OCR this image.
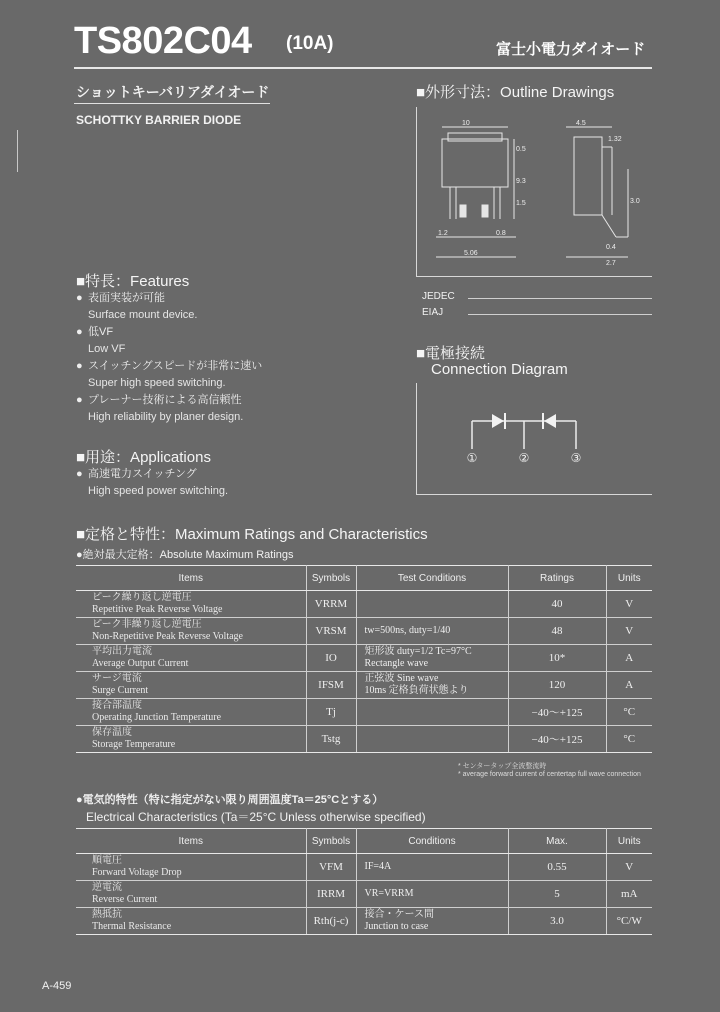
TS802C04 (10A)	富士小電力ダイオード
ショットキーバリアダイオード
SCHOTTKY BARRIER DIODE
■特長：Features
● 表面実装が可能
Surface mount device.
● 低VF
Low VF
● スイッチングスピードが非常に速い
Super high speed switching.
● プレーナー技術による高信頼性
High reliability by planer design.
■用途：Applications
● 高速電力スイッチング
High speed power switching.
■外形寸法：Outline Drawings
10
0.5
9.3
1.5
1.2	0.8
5.06
4.5
1.32
3.0
0.4
2.7
JEDEC
EIAJ
■電極接続
Connection Diagram
①	②	③
■定格と特性：Maximum Ratings and Characteristics
●絶対最大定格：Absolute Maximum Ratings
Items	Symbols	Test Conditions	Ratings	Units

ピーク繰り返し逆電圧
Repetitive Peak Reverse Voltage	VRRM		40	V

ピーク非繰り返し逆電圧
Non-Repetitive Peak Reverse Voltage	VRSM	tw=500ns, duty=1/40	48	V

平均出力電流
Average Output Current	IO	矩形波 duty=1/2 Tc=97°C
Rectangle wave	10*	A

サージ電流
Surge Current	IFSM	正弦波 Sine wave
10ms 定格負荷状態より	120	A

接合部温度
Operating Junction Temperature	Tj		−40～+125	°C

保存温度
Storage Temperature	Tstg		−40～+125	°C
* センタータップ全波整流時
* average forward current of centertap full wave connection
●電気的特性（特に指定がない限り周囲温度Ta＝25°Cとする）
Electrical Characteristics (Ta＝25°C Unless otherwise specified)
Items	Symbols	Conditions	Max.	Units

順電圧
Forward Voltage Drop	VFM	IF=4A	0.55	V

逆電流
Reverse Current	IRRM	VR=VRRM	5	mA

熱抵抗
Thermal Resistance	Rth(j-c)	接合・ケース間
Junction to case	3.0	°C/W
A-459
